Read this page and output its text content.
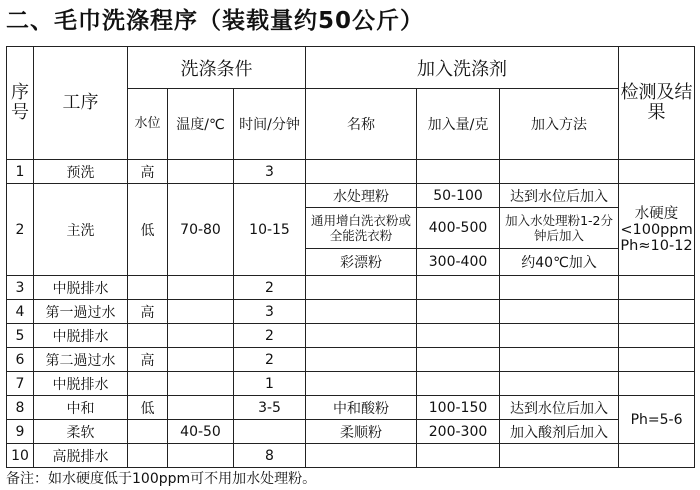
二、毛巾洗涤程序（装载量约50公斤）
序号	工序	洗涤条件			加入洗涤剂			检测及结果
		水位	温度/℃	时间/分钟	名称	加入量/克	加入方法	
1	预洗	高		3				
2	主洗	低	70-80	10-15	水处理粉	50-100	达到水位后加入	水硬度<100ppm Ph≈10-12
					通用增白洗衣粉或全能洗衣粉	400-500	加入水处理粉1-2分钟后加入	
					彩漂粉	300-400	约40℃加入	
3	中脱排水			2				
4	第一過过水	高		3				
5	中脱排水			2				
6	第二過过水	高		2				
7	中脱排水			1				
8	中和	低		3-5	中和酸粉	100-150	达到水位后加入	Ph=5-6
9	柔软		40-50		柔顺粉	200-300	加入酸剂后加入	
10	高脱排水			8				
备注：如水硬度低于100ppm可不用加水处理粉。
